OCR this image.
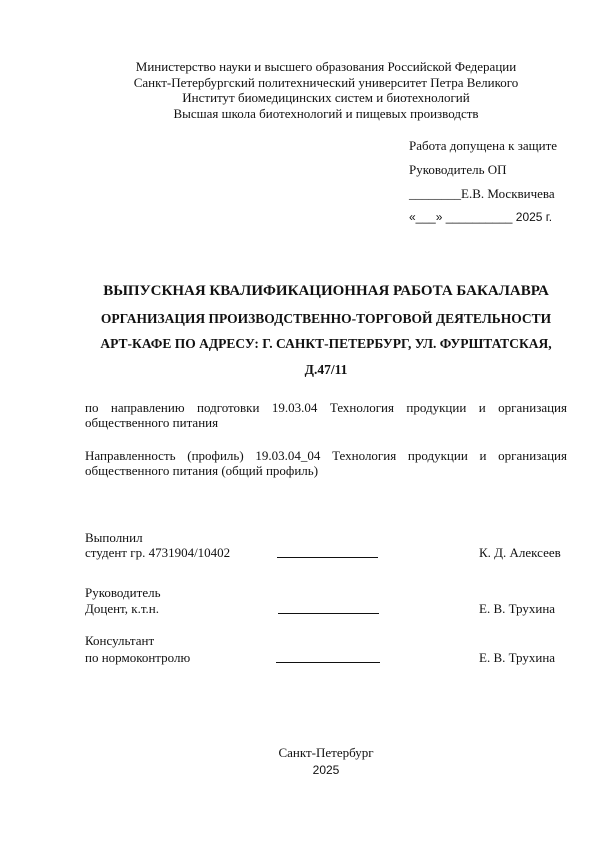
Министерство науки и высшего образования Российской Федерации
Санкт-Петербургский политехнический университет Петра Великого
Институт биомедицинских систем и биотехнологий
Высшая школа биотехнологий и пищевых производств
Работа допущена к защите
Руководитель ОП
________Е.В. Москвичева
«___» __________ 2025 г.
ВЫПУСКНАЯ КВАЛИФИКАЦИОННАЯ РАБОТА БАКАЛАВРА
ОРГАНИЗАЦИЯ ПРОИЗВОДСТВЕННО-ТОРГОВОЙ ДЕЯТЕЛЬНОСТИ
АРТ-КАФЕ ПО АДРЕСУ: Г. САНКТ-ПЕТЕРБУРГ, УЛ. ФУРШТАТСКАЯ,
Д.47/11
по направлению подготовки 19.03.04 Технология продукции и организация общественного питания
Направленность (профиль) 19.03.04_04 Технология продукции и организация общественного питания (общий профиль)
Выполнил
студент гр. 4731904/10402	К. Д. Алексеев
Руководитель
Доцент, к.т.н.	Е. В. Трухина
Консультант
по нормоконтролю	Е. В. Трухина
Санкт-Петербург
2025
